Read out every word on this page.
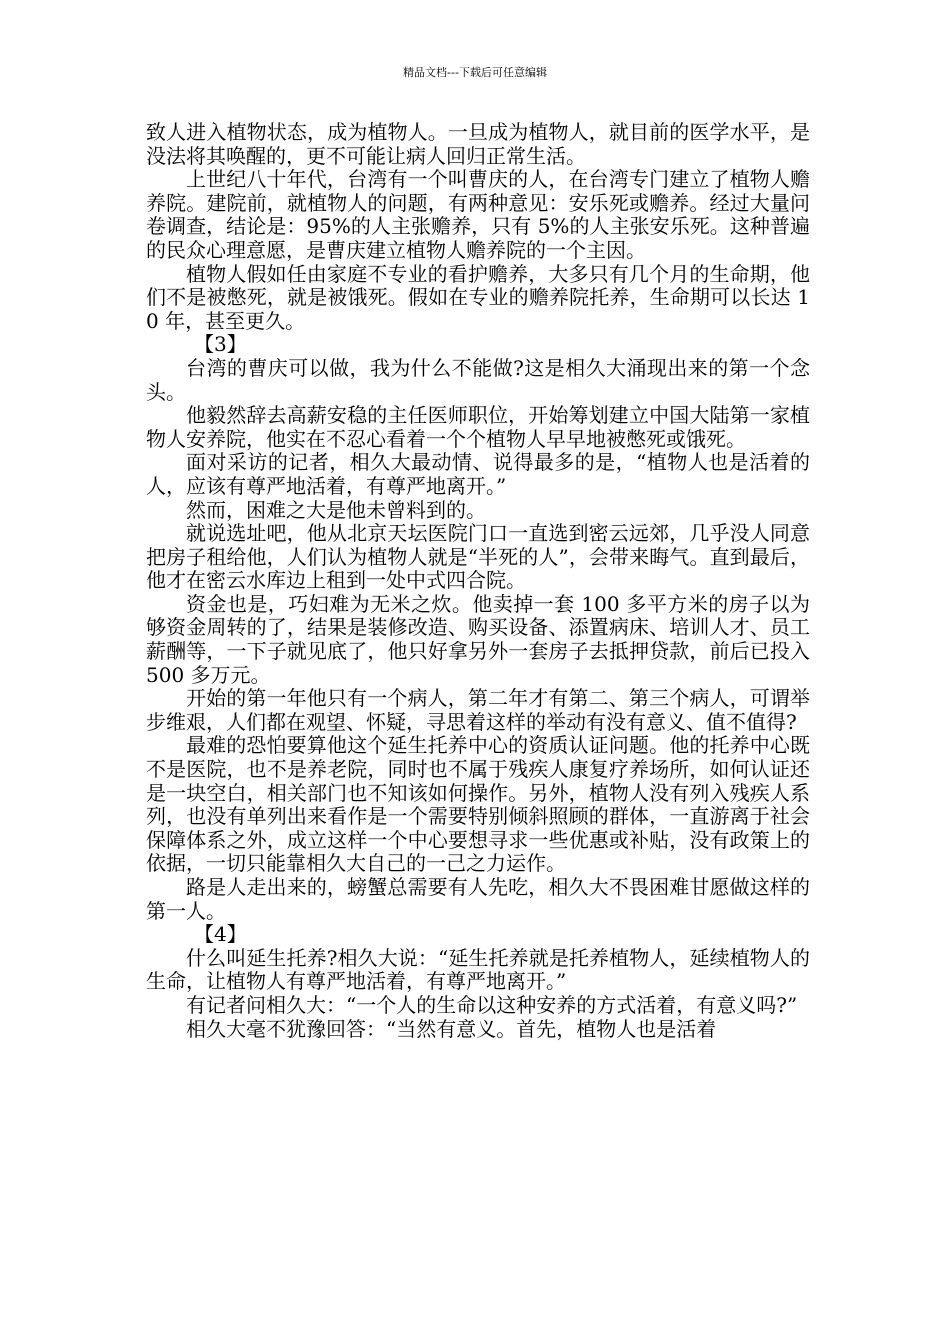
精品文档---下载后可任意编辑

致人进入植物状态，成为植物人。一旦成为植物人，就目前的医学水平，是没法将其唤醒的，更不可能让病人回归正常生活。

上世纪八十年代，台湾有一个叫曹庆的人，在台湾专门建立了植物人赡养院。建院前，就植物人的问题，有两种意见：安乐死或赡养。经过大量问卷调查，结论是：95%的人主张赡养，只有 5%的人主张安乐死。这种普遍的民众心理意愿，是曹庆建立植物人赡养院的一个主因。

植物人假如任由家庭不专业的看护赡养，大多只有几个月的生命期，他们不是被憋死，就是被饿死。假如在专业的赡养院托养，生命期可以长达 10 年，甚至更久。

【3】

台湾的曹庆可以做，我为什么不能做?这是相久大涌现出来的第一个念头。

他毅然辞去高薪安稳的主任医师职位，开始筹划建立中国大陆第一家植物人安养院，他实在不忍心看着一个个植物人早早地被憋死或饿死。

面对采访的记者，相久大最动情、说得最多的是，“植物人也是活着的人，应该有尊严地活着，有尊严地离开。”

然而，困难之大是他未曾料到的。

就说选址吧，他从北京天坛医院门口一直选到密云远郊，几乎没人同意把房子租给他，人们认为植物人就是“半死的人”，会带来晦气。直到最后，他才在密云水库边上租到一处中式四合院。

资金也是，巧妇难为无米之炊。他卖掉一套 100 多平方米的房子以为够资金周转的了，结果是装修改造、购买设备、添置病床、培训人才、员工薪酬等，一下子就见底了，他只好拿另外一套房子去抵押贷款，前后已投入 500 多万元。

开始的第一年他只有一个病人，第二年才有第二、第三个病人，可谓举步维艰，人们都在观望、怀疑，寻思着这样的举动有没有意义、值不值得?

最难的恐怕要算他这个延生托养中心的资质认证问题。他的托养中心既不是医院，也不是养老院，同时也不属于残疾人康复疗养场所，如何认证还是一块空白，相关部门也不知该如何操作。另外，植物人没有列入残疾人系列，也没有单列出来看作是一个需要特别倾斜照顾的群体，一直游离于社会保障体系之外，成立这样一个中心要想寻求一些优惠或补贴，没有政策上的依据，一切只能靠相久大自己的一己之力运作。

路是人走出来的，螃蟹总需要有人先吃，相久大不畏困难甘愿做这样的第一人。

【4】

什么叫延生托养?相久大说：“延生托养就是托养植物人，延续植物人的生命，让植物人有尊严地活着，有尊严地离开。”

有记者问相久大：“一个人的生命以这种安养的方式活着，有意义吗?”

相久大毫不犹豫回答：“当然有意义。首先，植物人也是活着
